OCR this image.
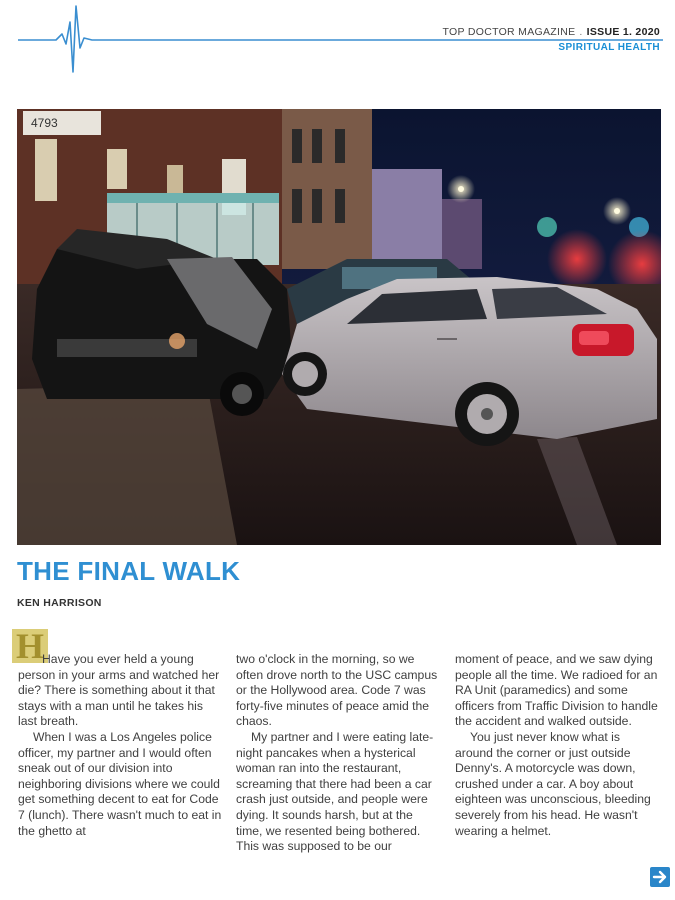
TOP DOCTOR MAGAZINE . ISSUE 1. 2020
SPIRITUAL HEALTH
4793
THE FINAL WALK
KEN HARRISON
H

Have you ever held a young person in your arms and watched her die? There is something about it that stays with a man until he takes his last breath.

When I was a Los Angeles police officer, my partner and I would often sneak out of our division into neighboring divisions where we could get something decent to eat for Code 7 (lunch). There wasn't much to eat in the ghetto at

two o'clock in the morning, so we often drove north to the USC campus or the Hollywood area. Code 7 was forty-five minutes of peace amid the chaos.

My partner and I were eating late-night pancakes when a hysterical woman ran into the restaurant, screaming that there had been a car crash just outside, and people were dying. It sounds harsh, but at the time, we resented being bothered. This was supposed to be our

moment of peace, and we saw dying people all the time. We radioed for an RA Unit (paramedics) and some officers from Traffic Division to handle the accident and walked outside.

You just never know what is around the corner or just outside Denny's. A motorcycle was down, crushed under a car. A boy about eighteen was unconscious, bleeding severely from his head. He wasn't wearing a helmet.
